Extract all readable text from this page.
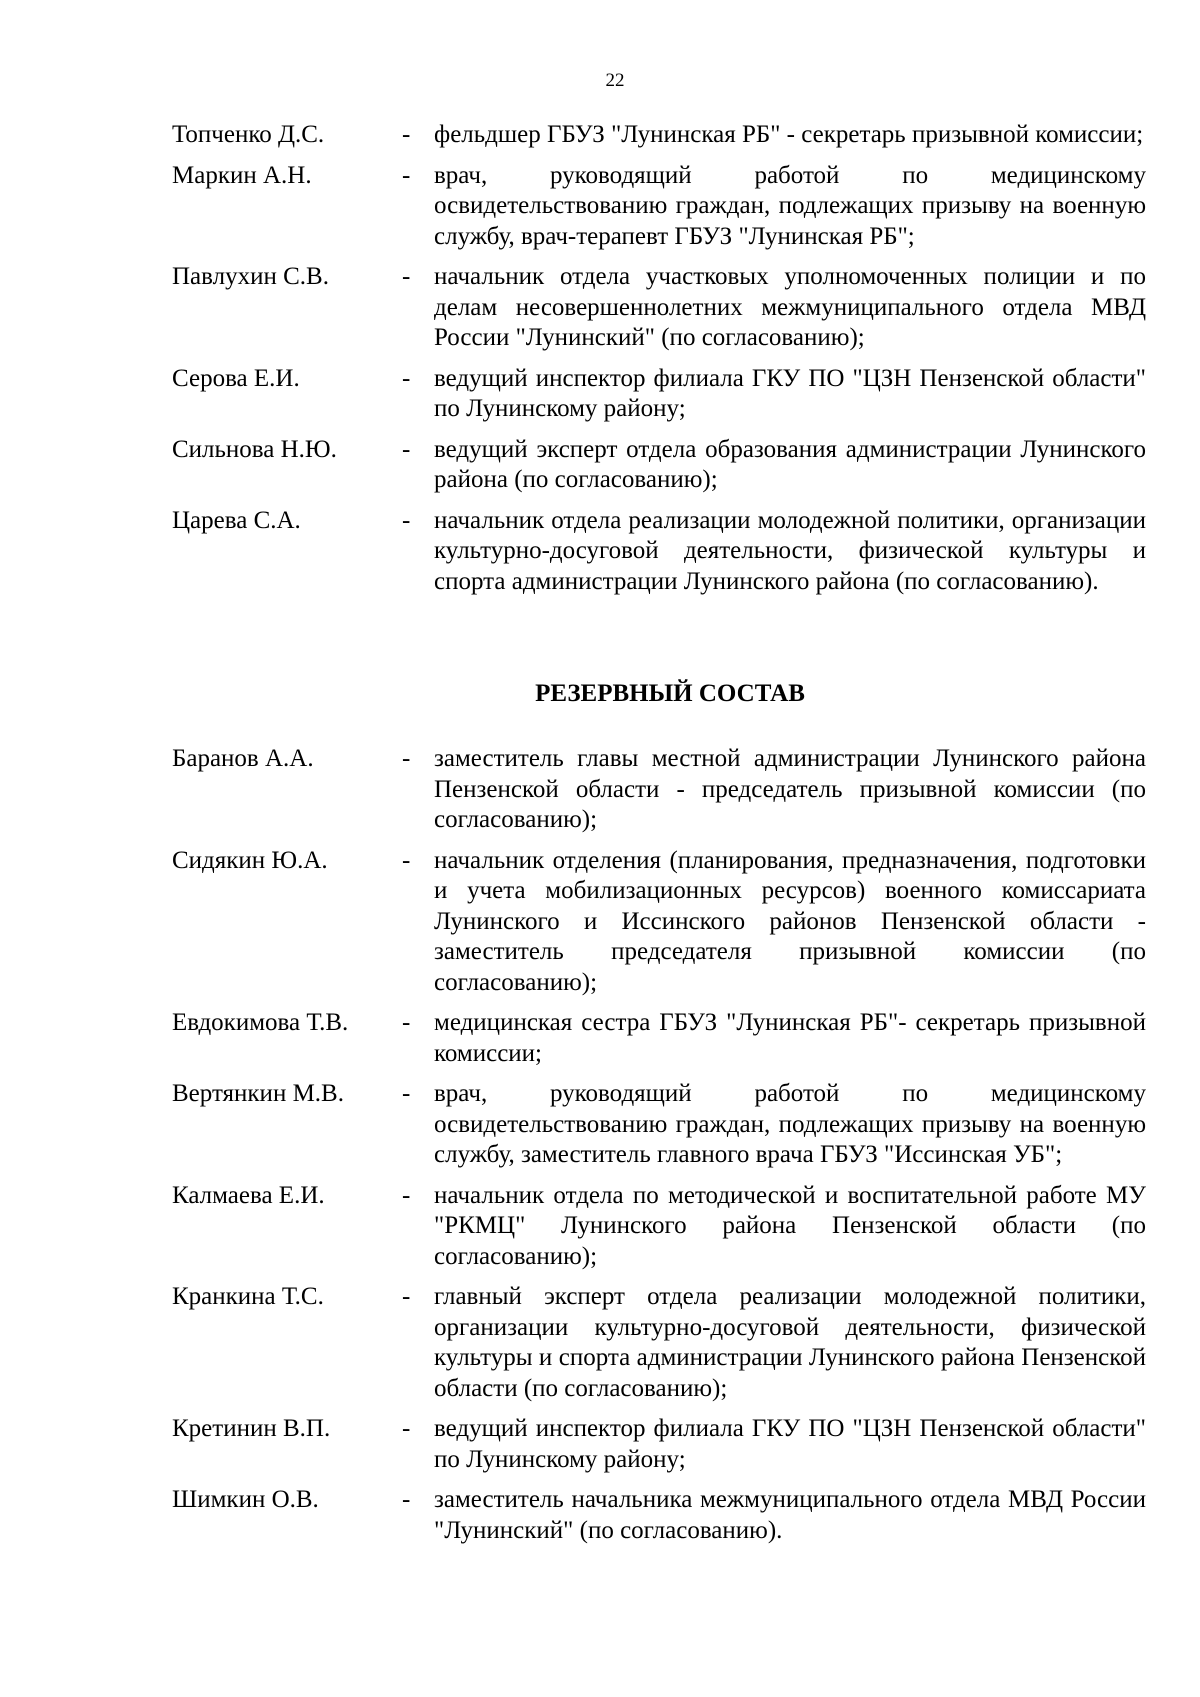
22
Топченко Д.С.	- фельдшер ГБУЗ "Лунинская РБ" - секретарь призывной комиссии;
Маркин А.Н.	- врач, руководящий работой по медицинскому освидетельствованию граждан, подлежащих призыву на военную службу, врач-терапевт ГБУЗ "Лунинская РБ";
Павлухин С.В.	- начальник отдела участковых уполномоченных полиции и по делам несовершеннолетних межмуниципального отдела МВД России "Лунинский" (по согласованию);
Серова Е.И.	- ведущий инспектор филиала ГКУ ПО "ЦЗН Пензенской области" по Лунинскому району;
Сильнова Н.Ю.	- ведущий эксперт отдела образования администрации Лунинского района (по согласованию);
Царева С.А.	- начальник отдела реализации молодежной политики, организации культурно-досуговой деятельности, физической культуры и спорта администрации Лунинского района (по согласованию).
РЕЗЕРВНЫЙ СОСТАВ
Баранов А.А.	- заместитель главы местной администрации Лунинского района Пензенской области - председатель призывной комиссии (по согласованию);
Сидякин Ю.А.	- начальник отделения (планирования, предназначения, подготовки и учета мобилизационных ресурсов) военного комиссариата Лунинского и Иссинского районов Пензенской области - заместитель председателя призывной комиссии (по согласованию);
Евдокимова Т.В.	- медицинская сестра ГБУЗ "Лунинская РБ"- секретарь призывной комиссии;
Вертянкин М.В.	- врач, руководящий работой по медицинскому освидетельствованию граждан, подлежащих призыву на военную службу, заместитель главного врача ГБУЗ "Иссинская УБ";
Калмаева Е.И.	- начальник отдела по методической и воспитательной работе МУ "РКМЦ" Лунинского района Пензенской области (по согласованию);
Кранкина Т.С.	- главный эксперт отдела реализации молодежной политики, организации культурно-досуговой деятельности, физической культуры и спорта администрации Лунинского района Пензенской области (по согласованию);
Кретинин В.П.	- ведущий инспектор филиала ГКУ ПО "ЦЗН Пензенской области" по Лунинскому району;
Шимкин О.В.	- заместитель начальника межмуниципального отдела МВД России "Лунинский" (по согласованию).
